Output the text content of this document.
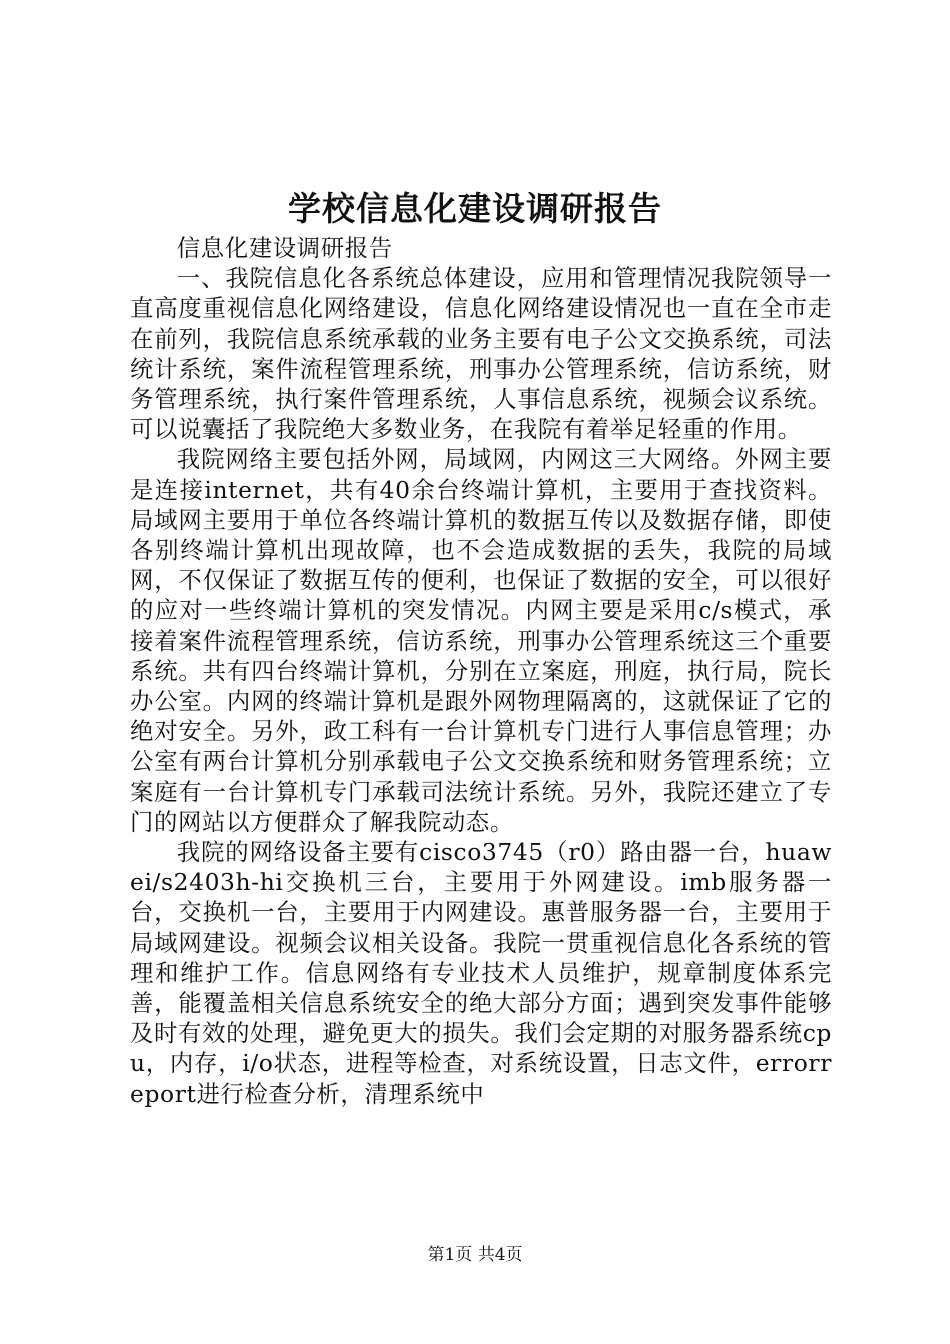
学校信息化建设调研报告

信息化建设调研报告

一、我院信息化各系统总体建设，应用和管理情况我院领导一直高度重视信息化网络建设，信息化网络建设情况也一直在全市走在前列，我院信息系统承载的业务主要有电子公文交换系统，司法统计系统，案件流程管理系统，刑事办公管理系统，信访系统，财务管理系统，执行案件管理系统，人事信息系统，视频会议系统。可以说囊括了我院绝大多数业务，在我院有着举足轻重的作用。

我院网络主要包括外网，局域网，内网这三大网络。外网主要是连接internet，共有40余台终端计算机，主要用于查找资料。局域网主要用于单位各终端计算机的数据互传以及数据存储，即使各别终端计算机出现故障，也不会造成数据的丢失，我院的局域网，不仅保证了数据互传的便利，也保证了数据的安全，可以很好的应对一些终端计算机的突发情况。内网主要是采用c/s模式，承接着案件流程管理系统，信访系统，刑事办公管理系统这三个重要系统。共有四台终端计算机，分别在立案庭，刑庭，执行局，院长办公室。内网的终端计算机是跟外网物理隔离的，这就保证了它的绝对安全。另外，政工科有一台计算机专门进行人事信息管理；办公室有两台计算机分别承载电子公文交换系统和财务管理系统；立案庭有一台计算机专门承载司法统计系统。另外，我院还建立了专门的网站以方便群众了解我院动态。

我院的网络设备主要有cisco3745（r0）路由器一台，huawei/s2403h-hi交换机三台，主要用于外网建设。imb服务器一台，交换机一台，主要用于内网建设。惠普服务器一台，主要用于局域网建设。视频会议相关设备。我院一贯重视信息化各系统的管理和维护工作。信息网络有专业技术人员维护，规章制度体系完善，能覆盖相关信息系统安全的绝大部分方面；遇到突发事件能够及时有效的处理，避免更大的损失。我们会定期的对服务器系统cpu，内存，i/o状态，进程等检查，对系统设置，日志文件，errorreport进行检查分析，清理系统中

第1页 共4页
